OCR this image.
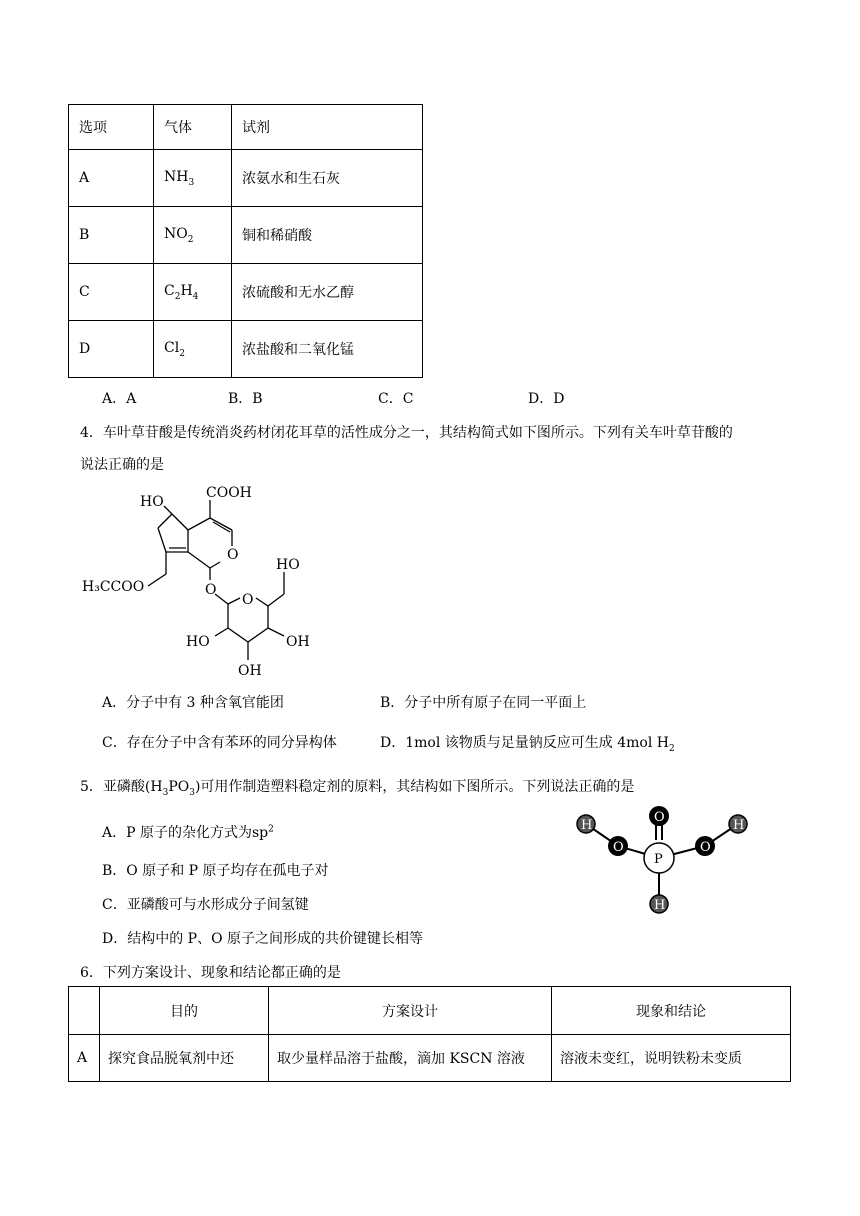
选项	气体	试剂
A	$NH_3$	浓氨水和生石灰
B	$NO_2$	铜和稀硝酸
C	$C_2H_4$	浓硫酸和无水乙醇
D	$Cl_2$	浓盐酸和二氧化锰
A．A	B．B	C．C	D．D
4．车叶草苷酸是传统消炎药材闭花耳草的活性成分之一，其结构简式如下图所示。下列有关车叶草苷酸的
说法正确的是
HO
COOH
HO
H₃CCOO
O
O
O
HO	OH
OH
A．分子中有 3 种含氧官能团	B．分子中所有原子在同一平面上
C．存在分子中含有苯环的同分异构体	D．1mol 该物质与足量钠反应可生成 4mol $H_2$
5．亚磷酸$(H_3PO_3)$可用作制造塑料稳定剂的原料，其结构如下图所示。下列说法正确的是
A．P 原子的杂化方式为$sp^2$
B．O 原子和 P 原子均存在孤电子对
C．亚磷酸可与水形成分子间氢键
D．结构中的 P、O 原子之间形成的共价键键长相等
H
O
O
P
O
H
H
6．下列方案设计、现象和结论都正确的是
	目的	方案设计	现象和结论
A	探究食品脱氧剂中还	取少量样品溶于盐酸，滴加 KSCN 溶液	溶液未变红，说明铁粉未变质
